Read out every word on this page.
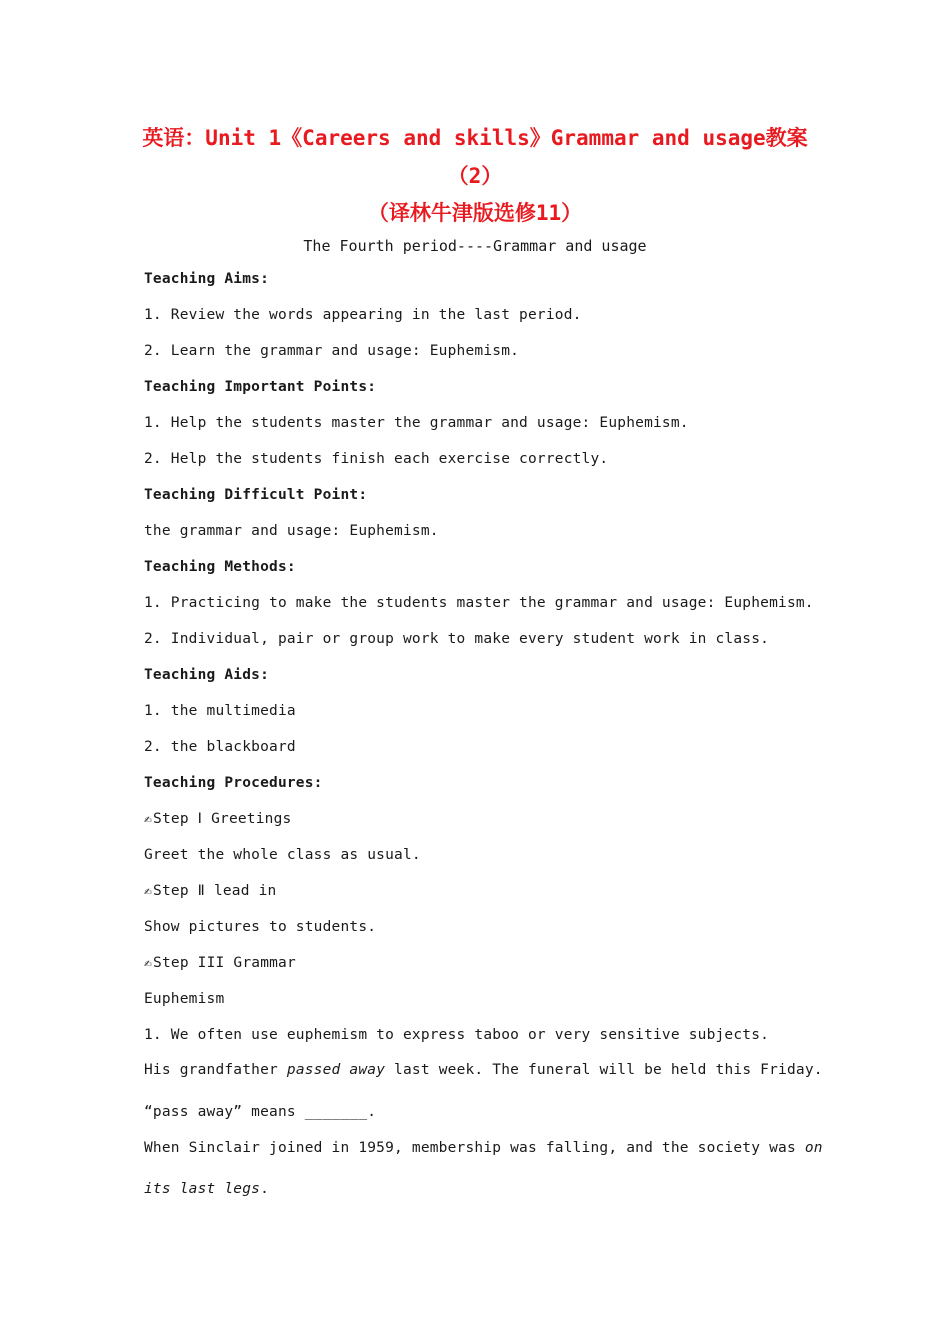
英语：Unit 1《Careers and skills》Grammar and usage教案
（2）
（译林牛津版选修11）
The Fourth period----Grammar and usage
Teaching Aims:
1. Review the words appearing in the last period.
2. Learn the grammar and usage: Euphemism.
Teaching Important Points:
1. Help the students master the grammar and usage: Euphemism.
2. Help the students finish each exercise correctly.
Teaching Difficult Point:
the grammar and usage: Euphemism.
Teaching Methods:
1. Practicing to make the students master the grammar and usage: Euphemism.
2. Individual, pair or group work to make every student work in class.
Teaching Aids:
1. the multimedia
2. the blackboard
Teaching Procedures:
✍Step Ⅰ Greetings
Greet the whole class as usual.
✍Step Ⅱ lead in
Show pictures to students.
✍Step III Grammar
Euphemism
1. We often use euphemism to express taboo or very sensitive subjects.
His grandfather passed away last week. The funeral will be held this Friday.
“pass away” means _______.
When Sinclair joined in 1959, membership was falling, and the society was on
its last legs.
